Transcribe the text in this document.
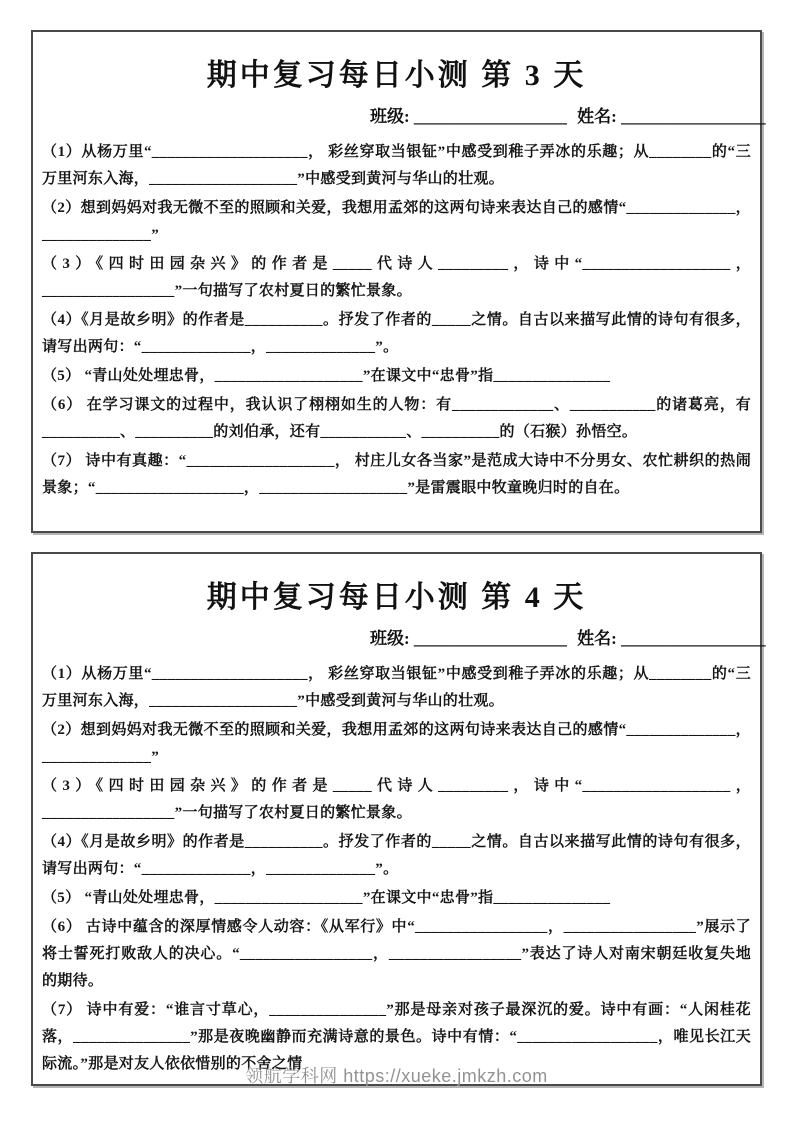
期中复习每日小测 第 3 天
班级: __________________ 姓名: _________________

（1）从杨万里“____________________， 彩丝穿取当银钲”中感受到稚子弄冰的乐趣；从________的“三万里河东入海，___________________”中感受到黄河与华山的壮观。

（2）想到妈妈对我无微不至的照顾和关爱，我想用孟郊的这两句诗来表达自己的感情“______________，______________”

（3）《四时田园杂兴》的作者是_____代诗人_________，诗中“___________________，_________________”一句描写了农村夏日的繁忙景象。

（4）《月是故乡明》的作者是__________。抒发了作者的_____之情。自古以来描写此情的诗句有很多，请写出两句：“______________，______________”。

（5） “青山处处埋忠骨，___________________”在课文中“忠骨”指_______________

（6） 在学习课文的过程中，我认识了栩栩如生的人物：有_____________、___________的诸葛亮，有__________、__________的刘伯承，还有___________、__________的（石猴）孙悟空。

（7） 诗中有真趣：“___________________， 村庄儿女各当家”是范成大诗中不分男女、农忙耕织的热闹景象；“___________________，___________________”是雷震眼中牧童晚归时的自在。

期中复习每日小测 第 4 天
班级: __________________ 姓名: _________________

（1）从杨万里“____________________， 彩丝穿取当银钲”中感受到稚子弄冰的乐趣；从________的“三万里河东入海，___________________”中感受到黄河与华山的壮观。

（2）想到妈妈对我无微不至的照顾和关爱，我想用孟郊的这两句诗来表达自己的感情“______________，______________”

（3）《四时田园杂兴》的作者是_____代诗人_________，诗中“___________________，_________________”一句描写了农村夏日的繁忙景象。

（4）《月是故乡明》的作者是__________。抒发了作者的_____之情。自古以来描写此情的诗句有很多，请写出两句：“______________，______________”。

（5） “青山处处埋忠骨，___________________”在课文中“忠骨”指_______________

（6） 古诗中蕴含的深厚情感令人动容：《从军行》中“_________________，_________________”展示了将士誓死打败敌人的决心。“_________________，_________________”表达了诗人对南宋朝廷收复失地的期待。

（7） 诗中有爱：“谁言寸草心，_______________”那是母亲对孩子最深沉的爱。诗中有画：“人闲桂花落，_______________”那是夜晚幽静而充满诗意的景色。诗中有情：“__________________，唯见长江天际流。”那是对友人依依惜别的不舍之情

领航学科网 https://xueke.jmkzh.com
